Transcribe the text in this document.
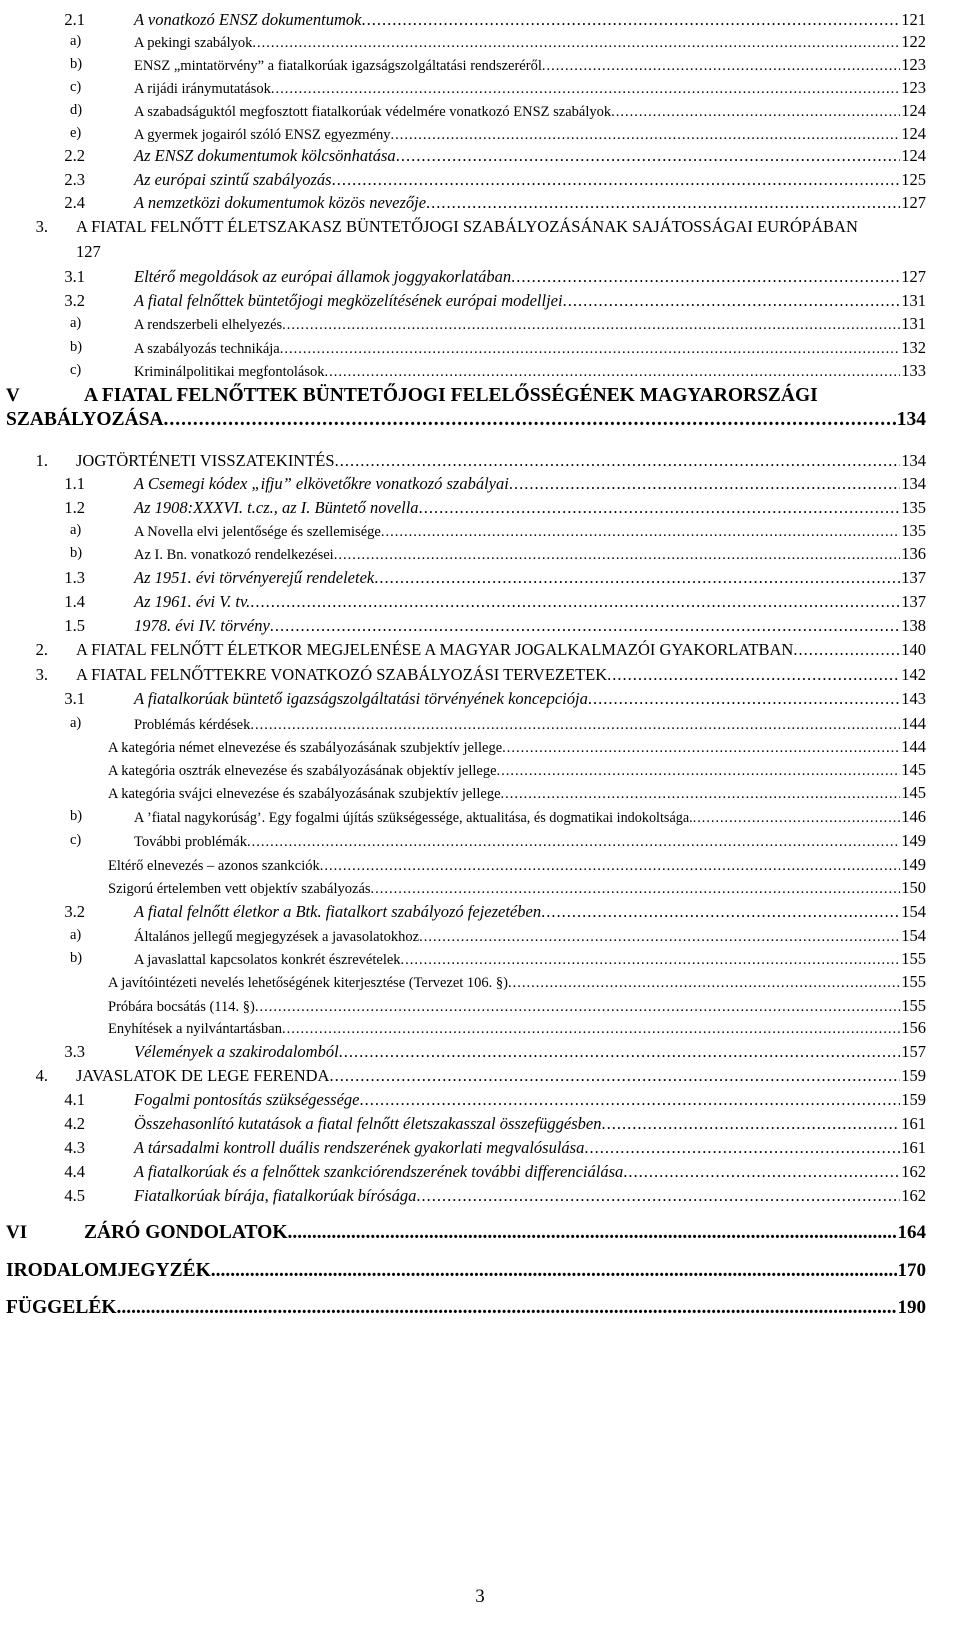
2.1	A vonatkozó ENSZ dokumentumok .....	121
a)	A pekingi szabályok .....	122
b)	ENSZ „mintatörvény” a fiatalkorúak igazságszolgáltatási rendszeréről .....	123
c)	A rijádi iránymutatások .....	123
d)	A szabadságuktól megfosztott fiatalkorúak védelmére vonatkozó ENSZ szabályok .....	124
e)	A gyermek jogairól szóló ENSZ egyezmény .....	124
2.2	Az ENSZ dokumentumok kölcsönhatása .....	124
2.3	Az európai szintű szabályozás .....	125
2.4	A nemzetközi dokumentumok közös nevezője .....	127
3. A FIATAL FELNŐTT ÉLETSZAKASZ BÜNTETŐJOGI SZABÁLYOZÁSÁNAK SAJÁTOSSÁGAI EURÓPÁBAN
127
3.1	Eltérő megoldások az európai államok joggyakorlatában .....	127
3.2	A fiatal felnőttek büntetőjogi megközelítésének európai modelljei .....	131
a)	A rendszerbeli elhelyezés .....	131
b)	A szabályozás technikája .....	132
c)	Kriminálpolitikai megfontolások .....	133
V	A FIATAL FELNŐTTEK BÜNTETŐJOGI FELELŐSSÉGÉNEK MAGYARORSZÁGI
SZABÁLYOZÁSA .....	134
1. JOGTÖRTÉNETI VISSZATEKINTÉS .....	134
1.1	A Csemegi kódex „ifju” elkövetőkre vonatkozó szabályai .....	134
1.2	Az 1908:XXXVI. t.cz., az I. Büntető novella .....	135
a)	A Novella elvi jelentősége és szellemisége .....	135
b)	Az I. Bn. vonatkozó rendelkezései .....	136
1.3	Az 1951. évi törvényerejű rendeletek .....	137
1.4	Az 1961. évi V. tv. .....	137
1.5	1978. évi IV. törvény .....	138
2. A FIATAL FELNŐTT ÉLETKOR MEGJELENÉSE A MAGYAR JOGALKALMAZÓI GYAKORLATBAN .....	140
3. A FIATAL FELNŐTTEKRE VONATKOZÓ SZABÁLYOZÁSI TERVEZETEK .....	142
3.1	A fiatalkorúak büntető igazságszolgáltatási törvényének koncepciója .....	143
a)	Problémás kérdések .....	144
A kategória német elnevezése és szabályozásának szubjektív jellege .....	144
A kategória osztrák elnevezése és szabályozásának objektív jellege .....	145
A kategória svájci elnevezése és szabályozásának szubjektív jellege .....	145
b)	A ’fiatal nagykorúság’. Egy fogalmi újítás szükségessége, aktualitása, és dogmatikai indokoltsága. .....	146
c)	További problémák .....	149
Eltérő elnevezés – azonos szankciók .....	149
Szigorú értelemben vett objektív szabályozás .....	150
3.2	A fiatal felnőtt életkor a Btk. fiatalkort szabályozó fejezetében .....	154
a)	Általános jellegű megjegyzések a javasolatokhoz .....	154
b)	A javaslattal kapcsolatos konkrét észrevételek .....	155
A javítóintézeti nevelés lehetőségének kiterjesztése (Tervezet 106. §) .....	155
Próbára bocsátás (114. §) .....	155
Enyhítések a nyilvántartásban .....	156
3.3	Vélemények a szakirodalomból .....	157
4. JAVASLATOK DE LEGE FERENDA .....	159
4.1	Fogalmi pontosítás szükségessége .....	159
4.2	Összehasonlító kutatások a fiatal felnőtt életszakasszal összefüggésben .....	161
4.3	A társadalmi kontroll duális rendszerének gyakorlati megvalósulása .....	161
4.4	A fiatalkorúak és a felnőttek szankciórendszerének további differenciálása .....	162
4.5	Fiatalkorúak bírája, fiatalkorúak bírósága .....	162
VI	ZÁRÓ GONDOLATOK .....	164
IRODALOMJEGYZÉK .....	170
FÜGGELÉK .....	190
3
